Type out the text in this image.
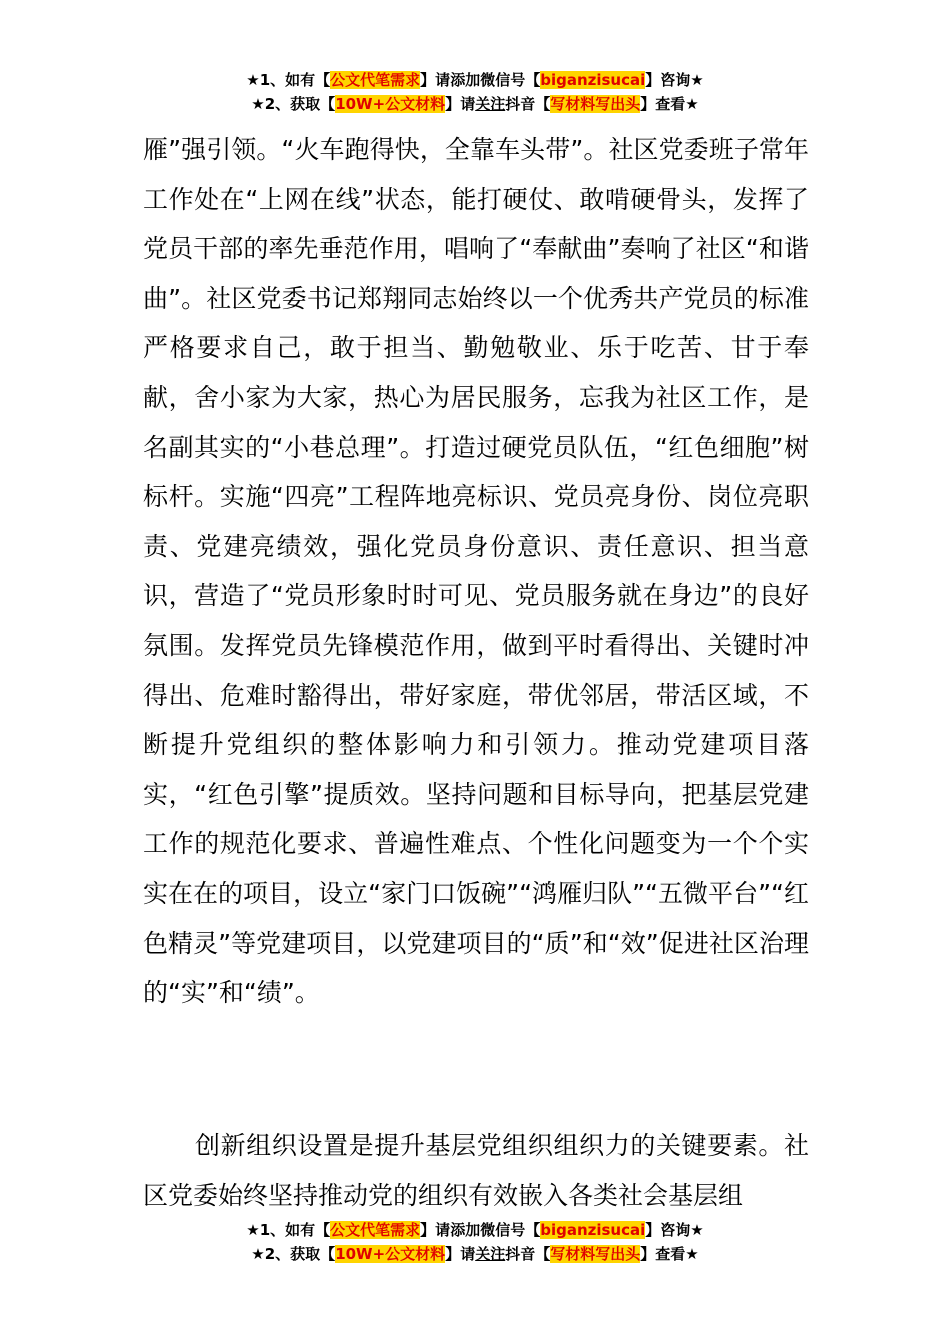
★1、如有【公文代笔需求】请添加微信号【biganzisucai】咨询★
★2、获取【10W+公文材料】请关注抖音【写材料写出头】查看★

雁”强引领。“火车跑得快，全靠车头带”。社区党委班子常年工作处在“上网在线”状态，能打硬仗、敢啃硬骨头，发挥了党员干部的率先垂范作用，唱响了“奉献曲”奏响了社区“和谐曲”。社区党委书记郑翔同志始终以一个优秀共产党员的标准严格要求自己，敢于担当、勤勉敬业、乐于吃苦、甘于奉献，舍小家为大家，热心为居民服务，忘我为社区工作，是名副其实的“小巷总理”。打造过硬党员队伍，“红色细胞”树标杆。实施“四亮”工程阵地亮标识、党员亮身份、岗位亮职责、党建亮绩效，强化党员身份意识、责任意识、担当意识，营造了“党员形象时时可见、党员服务就在身边”的良好氛围。发挥党员先锋模范作用，做到平时看得出、关键时冲得出、危难时豁得出，带好家庭，带优邻居，带活区域，不断提升党组织的整体影响力和引领力。推动党建项目落实，“红色引擎”提质效。坚持问题和目标导向，把基层党建工作的规范化要求、普遍性难点、个性化问题变为一个个实实在在的项目，设立“家门口饭碗”“鸿雁归队”“五微平台”“红色精灵”等党建项目，以党建项目的“质”和“效”促进社区治理的“实”和“绩”。

创新组织设置是提升基层党组织组织力的关键要素。社区党委始终坚持推动党的组织有效嵌入各类社会基层组

★1、如有【公文代笔需求】请添加微信号【biganzisucai】咨询★
★2、获取【10W+公文材料】请关注抖音【写材料写出头】查看★
